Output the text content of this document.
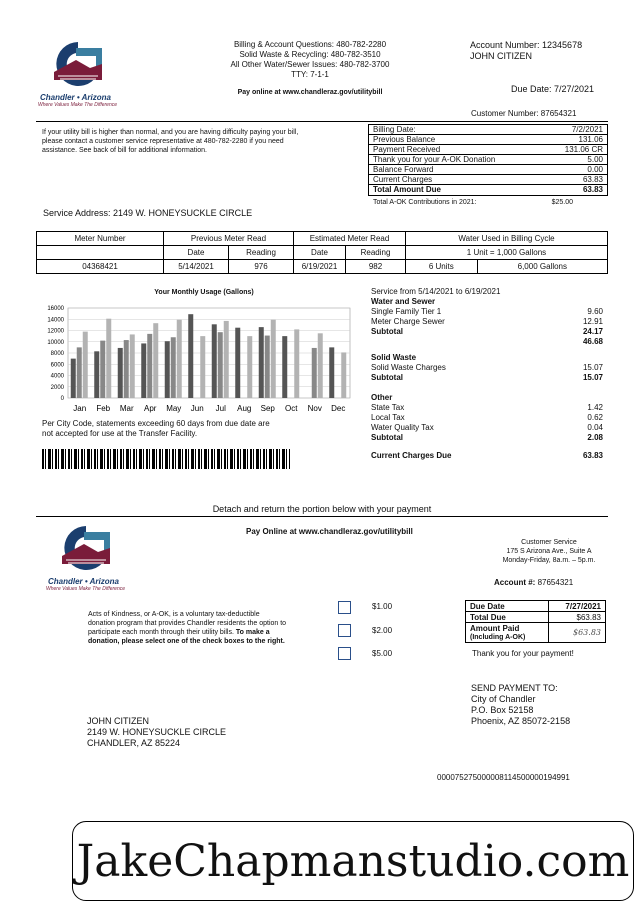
Chandler • Arizona
Where Values Make The Difference
Billing & Account Questions: 480-782-2280
Solid Waste & Recycling: 480-782-3510
All Other Water/Sewer Issues: 480-782-3700
TTY: 7-1-1
Pay online at www.chandleraz.gov/utilitybill
Account Number: 12345678
JOHN CITIZEN
Due Date: 7/27/2021
Customer Number: 87654321
If your utility bill is higher than normal, and you are having difficulty paying your bill, please contact a customer service representative at 480-782-2280 if you need assistance. See back of bill for additional information.
Billing Date:	7/2/2021
Previous Balance	131.06
Payment Received	131.06 CR
Thank you for your A-OK Donation	5.00
Balance Forward	0.00
Current Charges	63.83
Total Amount Due	63.83
Total A-OK Contributions in 2021:	$25.00
Service Address: 2149 W. HONEYSUCKLE CIRCLE
Meter Number	Previous Meter Read		Estimated Meter Read		Water Used in Billing Cycle	
	Date	Reading	Date	Reading	1 Unit = 1,000 Gallons	
04368421	5/14/2021	976	6/19/2021	982	6 Units	6,000 Gallons
Your Monthly Usage (Gallons)
16000
14000
12000
10000
8000
6000
4000
2000
0
Jan Feb Mar Apr May Jun Jul Aug Sep Oct Nov Dec
Per City Code, statements exceeding 60 days from due date are not accepted for use at the Transfer Facility.
Service from 5/14/2021 to 6/19/2021
Water and Sewer
Single Family Tier 1	9.60
Meter Charge Sewer	12.91
Subtotal	24.17
46.68
Solid Waste
Solid Waste Charges	15.07
Subtotal	15.07
Other
State Tax	1.42
Local Tax	0.62
Water Quality Tax	0.04
Subtotal	2.08
Current Charges Due	63.83
Detach and return the portion below with your payment
Chandler • Arizona
Where Values Make The Difference
Pay Online at www.chandleraz.gov/utilitybill
Customer Service
175 S Arizona Ave., Suite A
Monday-Friday, 8a.m. – 5p.m.
Account #: 87654321
Acts of Kindness, or A-OK, is a voluntary tax-deductible donation program that provides Chandler residents the option to participate each month through their utility bills. To make a donation, please select one of the check boxes to the right.
$1.00
$2.00
$5.00
Due Date	7/27/2021
Total Due	$63.83

Amount Paid
(Including A-OK)	$63.83
Thank you for your payment!
SEND PAYMENT TO:
City of Chandler
P.O. Box 52158
Phoenix, AZ 85072-2158
JOHN CITIZEN
2149 W. HONEYSUCKLE CIRCLE
CHANDLER, AZ 85224
000075275000008114500000194991
JakeChapmanstudio.com
